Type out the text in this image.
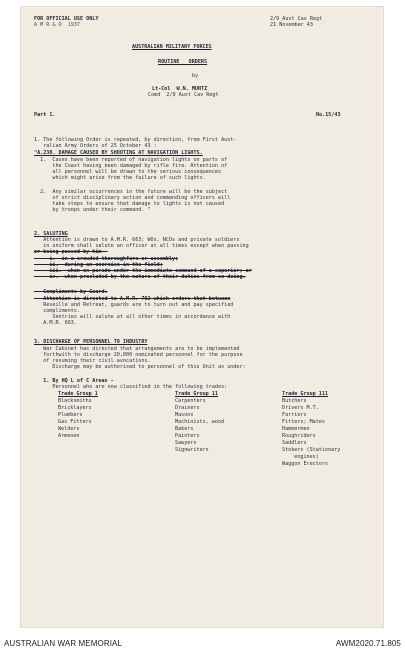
FOR OFFICIAL USE ONLY
A M R & O  1937
2/9 Aust Cav Regt
21 November 43
AUSTRALIAN MILITARY FORCES
ROUTINE   ORDERS
by
Lt-Col  W.N. MUNTZ
Comd  2/9 Aust Cav Regt
Part 1.	No.15/43
1. The following Order is repeated, by direction, from First Aust-
ralian Army Orders of 25 October 43 :
"A.230. DAMAGE CAUSED BY SHOOTING AT NAVIGATION LIGHTS.
1.  Cases have been reported of navigation lights on parts of
the Coast having been damaged by rifle fire. Attention of
all personnel will be drawn to the serious consequences
which might arise from the failure of such lights.
2.  Any similar occurrences in the future will be the subject
of strict disciplinary action and commanding officers will
take steps to ensure that damage to lights is not caused
by troops under their command. "
2. SALUTING
Attention is drawn to A.M.R. 663; WOs, NCOs and private soldiers
in uniform shall salute an officer at all times except when passing
or being passed by him -
i.  in a crowded thoroughfare or assembly;
ii.  during an exercise in the field;
iii.  when on parade under the immediate command of a superior; or
iv.  when precluded by the nature of their duties from so doing.
Compliments by Guard.
Attention is directed to A.M.R. 702 which orders that between
Reveille and Retreat, guards are to turn out and pay specified
compliments.
Sentries will salute at all other times in accordance with
A.M.R. 663.
3. DISCHARGE OF PERSONNEL TO INDUSTRY
War Cabinet has directed that arrangements are to be implemented
forthwith to discharge 20,000 nominated personnel for the purpose
of resuming their civil avocations.
Discharge may be authorised to personnel of this Unit as under:
1. By HQ L of C Areas -
Personnel who are now classified in the following trades:
Trade Group 1
Blacksmiths
Bricklayers
Plumbers
Gas Fitters
Welders
Armenen
Trade Group 11
Carpenters
Drainers
Masons
Machinists, wood
Bakers
Painters
Sawyers
Signwriters
Trade Group 111
Butchers
Drivers M.T.
Farriers
Fitters; Mates
Hammermen
Roughriders
Saddlers
Stokers (Stationary
engines)
Waggon Erectors
AUSTRALIAN WAR MEMORIAL	AWM2020.71.805
